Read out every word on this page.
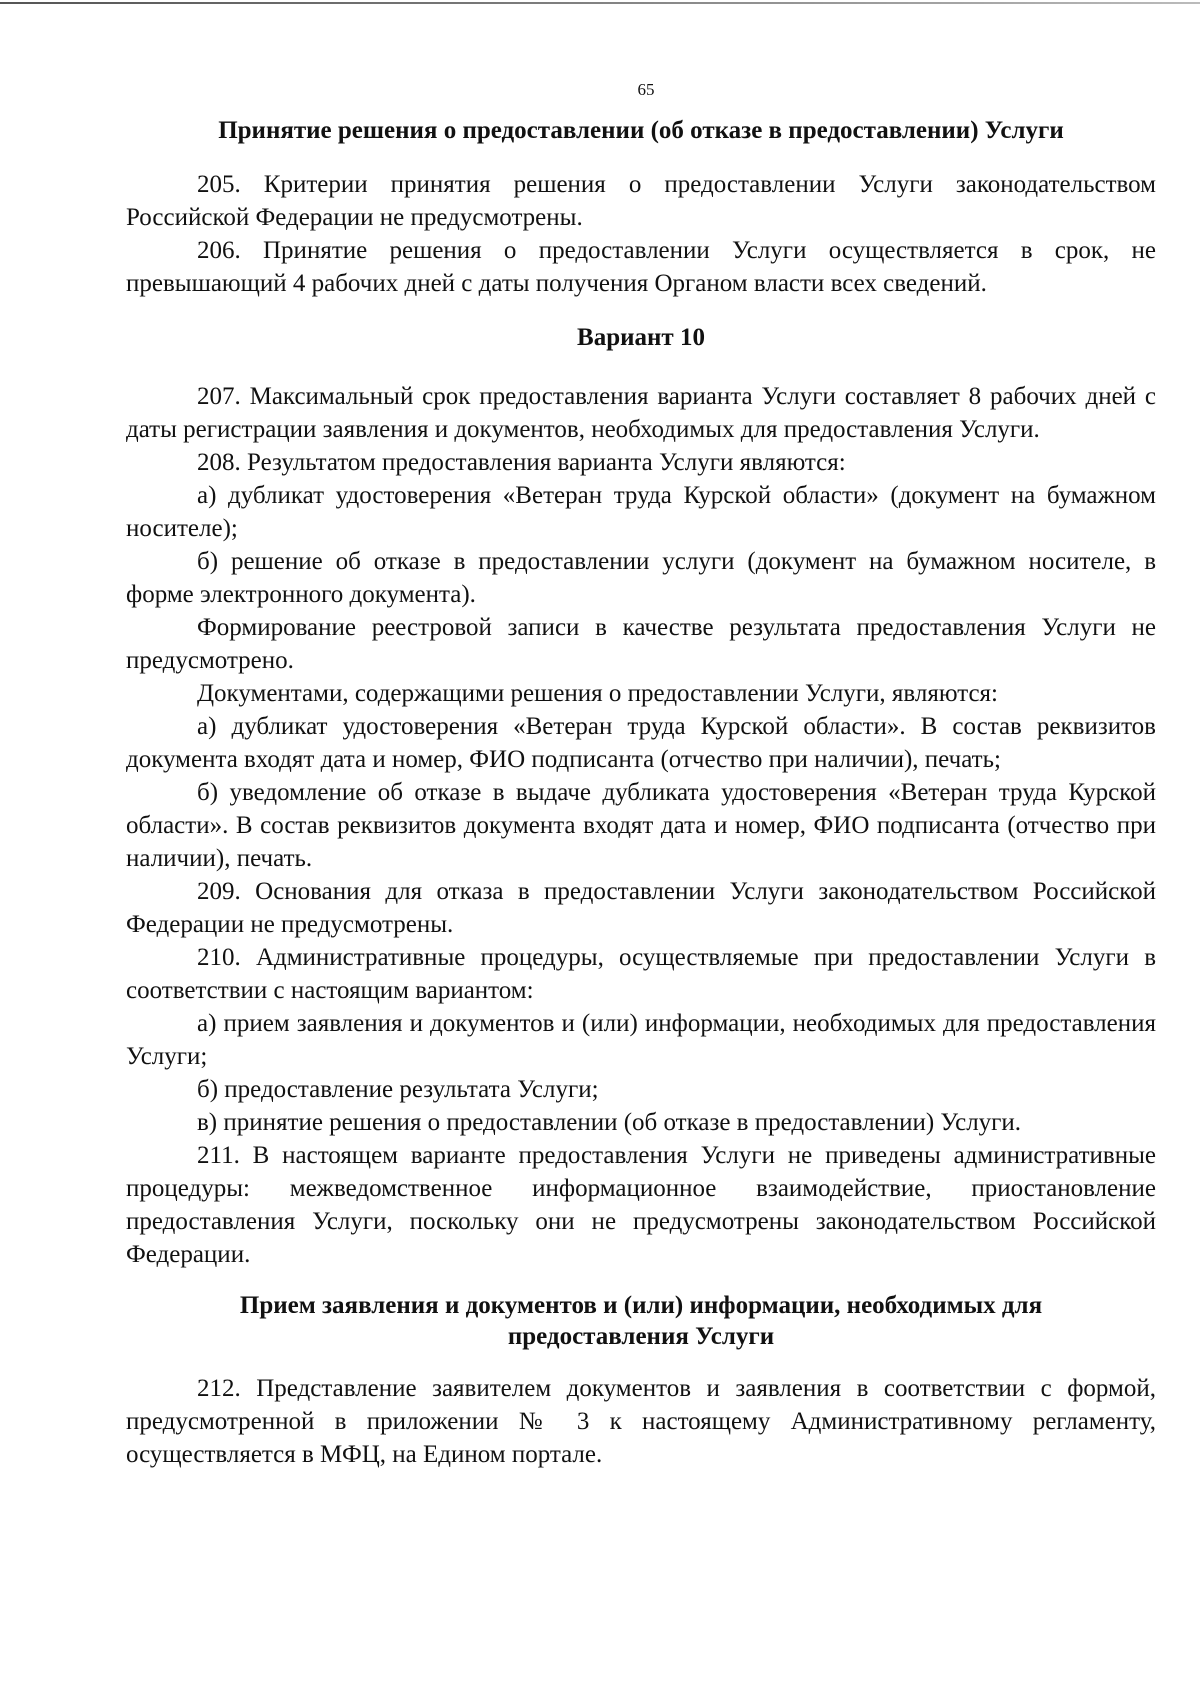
65

Принятие решения о предоставлении (об отказе в предоставлении) Услуги

205. Критерии принятия решения о предоставлении Услуги законодательством Российской Федерации не предусмотрены.

206. Принятие решения о предоставлении Услуги осуществляется в срок, не превышающий 4 рабочих дней с даты получения Органом власти всех сведений.

Вариант 10

207. Максимальный срок предоставления варианта Услуги составляет 8 рабочих дней с даты регистрации заявления и документов, необходимых для предоставления Услуги.

208. Результатом предоставления варианта Услуги являются:

а) дубликат удостоверения «Ветеран труда Курской области» (документ на бумажном носителе);

б) решение об отказе в предоставлении услуги (документ на бумажном носителе, в форме электронного документа).

Формирование реестровой записи в качестве результата предоставления Услуги не предусмотрено.

Документами, содержащими решения о предоставлении Услуги, являются:

а) дубликат удостоверения «Ветеран труда Курской области». В состав реквизитов документа входят дата и номер, ФИО подписанта (отчество при наличии), печать;

б) уведомление об отказе в выдаче дубликата удостоверения «Ветеран труда Курской области». В состав реквизитов документа входят дата и номер, ФИО подписанта (отчество при наличии), печать.

209. Основания для отказа в предоставлении Услуги законодательством Российской Федерации не предусмотрены.

210. Административные процедуры, осуществляемые при предоставлении Услуги в соответствии с настоящим вариантом:

а) прием заявления и документов и (или) информации, необходимых для предоставления Услуги;

б) предоставление результата Услуги;

в) принятие решения о предоставлении (об отказе в предоставлении) Услуги.

211. В настоящем варианте предоставления Услуги не приведены административные процедуры: межведомственное информационное взаимодействие, приостановление предоставления Услуги, поскольку они не предусмотрены законодательством Российской Федерации.

Прием заявления и документов и (или) информации, необходимых для

предоставления Услуги

212. Представление заявителем документов и заявления в соответствии с формой, предусмотренной в приложении № 3 к настоящему Административному регламенту, осуществляется в МФЦ, на Едином портале.
